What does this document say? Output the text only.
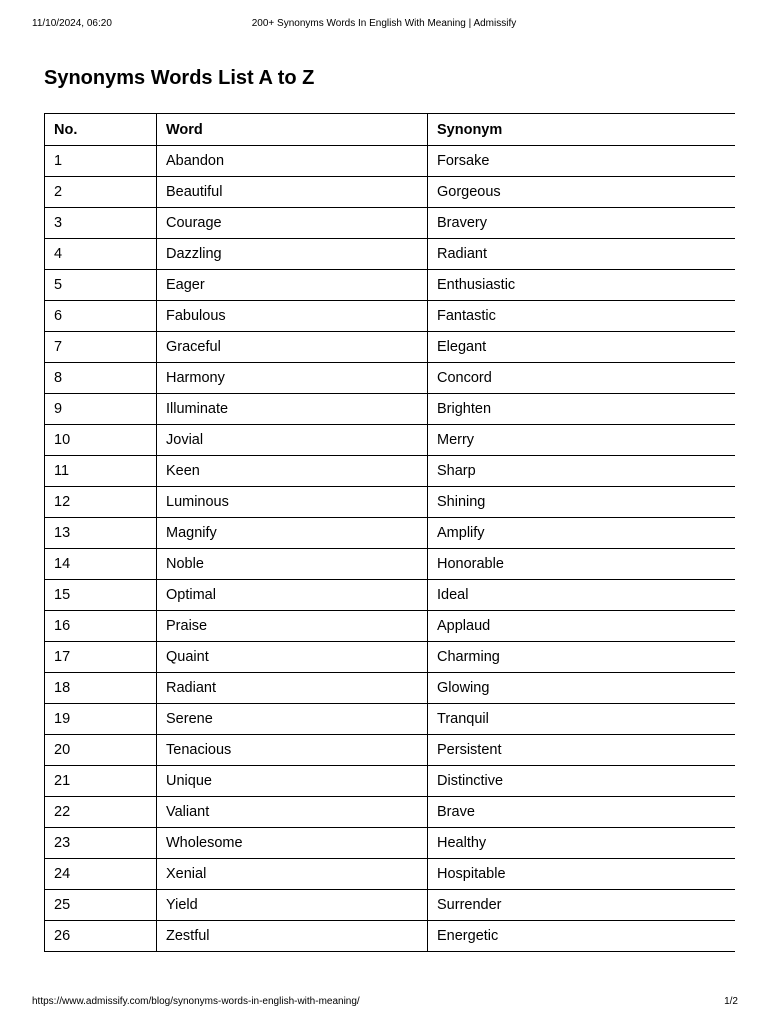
11/10/2024, 06:20	200+ Synonyms Words In English With Meaning | Admissify
Synonyms Words List A to Z
No.	Word	Synonym
1	Abandon	Forsake
2	Beautiful	Gorgeous
3	Courage	Bravery
4	Dazzling	Radiant
5	Eager	Enthusiastic
6	Fabulous	Fantastic
7	Graceful	Elegant
8	Harmony	Concord
9	Illuminate	Brighten
10	Jovial	Merry
11	Keen	Sharp
12	Luminous	Shining
13	Magnify	Amplify
14	Noble	Honorable
15	Optimal	Ideal
16	Praise	Applaud
17	Quaint	Charming
18	Radiant	Glowing
19	Serene	Tranquil
20	Tenacious	Persistent
21	Unique	Distinctive
22	Valiant	Brave
23	Wholesome	Healthy
24	Xenial	Hospitable
25	Yield	Surrender
26	Zestful	Energetic
https://www.admissify.com/blog/synonyms-words-in-english-with-meaning/	1/2
